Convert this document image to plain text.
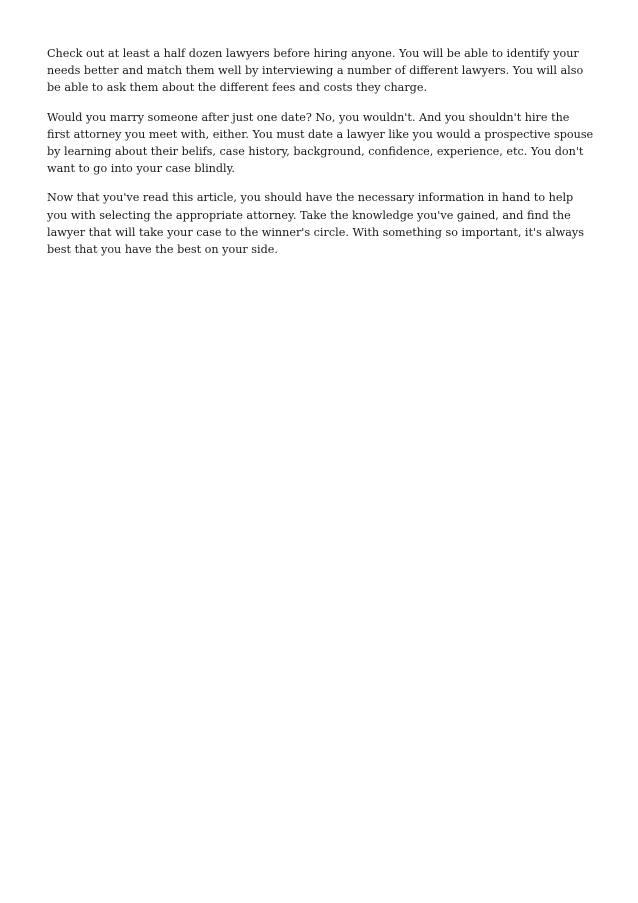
Check out at least a half dozen lawyers before hiring anyone. You will be able to identify your needs better and match them well by interviewing a number of different lawyers. You will also be able to ask them about the different fees and costs they charge.

Would you marry someone after just one date? No, you wouldn't. And you shouldn't hire the first attorney you meet with, either. You must date a lawyer like you would a prospective spouse by learning about their belifs, case history, background, confidence, experience, etc. You don't want to go into your case blindly.

Now that you've read this article, you should have the necessary information in hand to help you with selecting the appropriate attorney. Take the knowledge you've gained, and find the lawyer that will take your case to the winner's circle. With something so important, it's always best that you have the best on your side.
